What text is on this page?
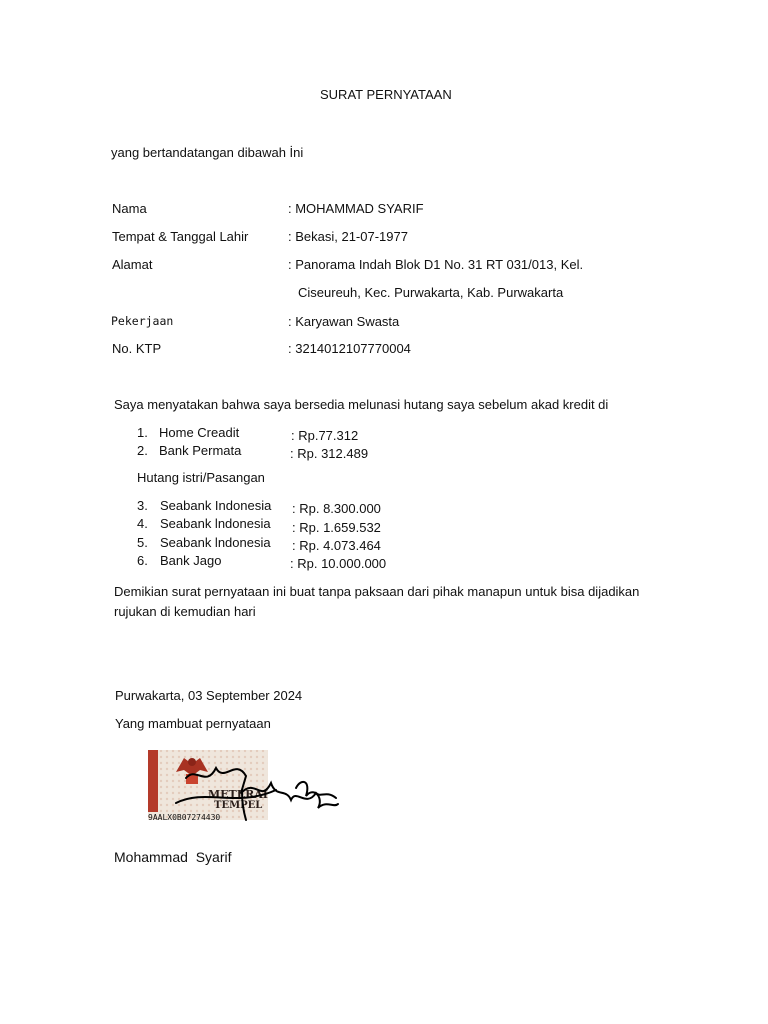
SURAT PERNYATAAN
yang bertandatangan dibawah İni
Nama	: MOHAMMAD SYARIF
Tempat & Tanggal Lahir	: Bekasi, 21-07-1977
Alamat	: Panorama Indah Blok D1 No. 31 RT 031/013, Kel.
Ciseureuh, Kec. Purwakarta, Kab. Purwakarta
Pekerjaan	: Karyawan Swasta
No. KTP	: 3214012107770004
Saya menyatakan bahwa saya bersedia melunasi hutang saya sebelum akad kredit di
1. Home Creadit	: Rp.77.312
2. Bank Permata	: Rp. 312.489
Hutang istri/Pasangan
3. Seabank Indonesia : Rp. 8.300.000
4. Seabank lndonesia : Rp. 1.659.532
5. Seabank lndonesia : Rp. 4.073.464
6. Bank Jago	: Rp. 10.000.000
Demikian surat pernyataan ini buat tanpa paksaan dari pihak manapun untuk bisa dijadikan
rujukan di kemudian hari
Purwakarta, 03 September 2024
Yang mambuat pernyataan
METERAI
TEMPEL
9AALX0B07274430
Mohammad  Syarif
